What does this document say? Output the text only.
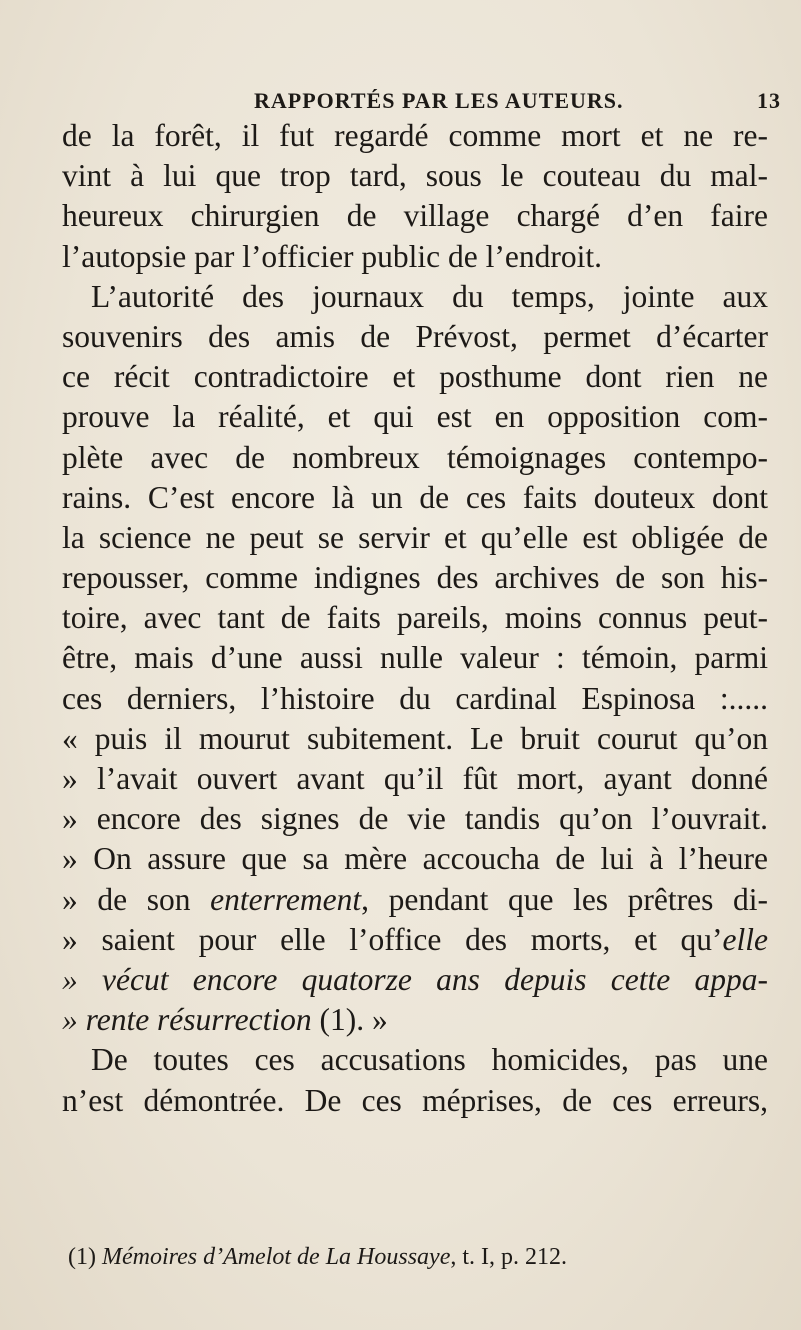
RAPPORTÉS PAR LES AUTEURS.	13
de la forêt, il fut regardé comme mort et ne re-
vint à lui que trop tard, sous le couteau du mal-
heureux chirurgien de village chargé d’en faire
l’autopsie par l’officier public de l’endroit.
L’autorité des journaux du temps, jointe aux
souvenirs des amis de Prévost, permet d’écarter
ce récit contradictoire et posthume dont rien ne
prouve la réalité, et qui est en opposition com-
plète avec de nombreux témoignages contempo-
rains. C’est encore là un de ces faits douteux dont
la science ne peut se servir et qu’elle est obligée de
repousser, comme indignes des archives de son his-
toire, avec tant de faits pareils, moins connus peut-
être, mais d’une aussi nulle valeur : témoin, parmi
ces derniers, l’histoire du cardinal Espinosa :.....
« puis il mourut subitement. Le bruit courut qu’on
» l’avait ouvert avant qu’il fût mort, ayant donné
» encore des signes de vie tandis qu’on l’ouvrait.
» On assure que sa mère accoucha de lui à l’heure
» de son enterrement, pendant que les prêtres di-
» saient pour elle l’office des morts, et qu’elle
» vécut encore quatorze ans depuis cette appa-
» rente résurrection (1). »
De toutes ces accusations homicides, pas une
n’est démontrée. De ces méprises, de ces erreurs,
(1) Mémoires d’Amelot de La Houssaye, t. I, p. 212.
